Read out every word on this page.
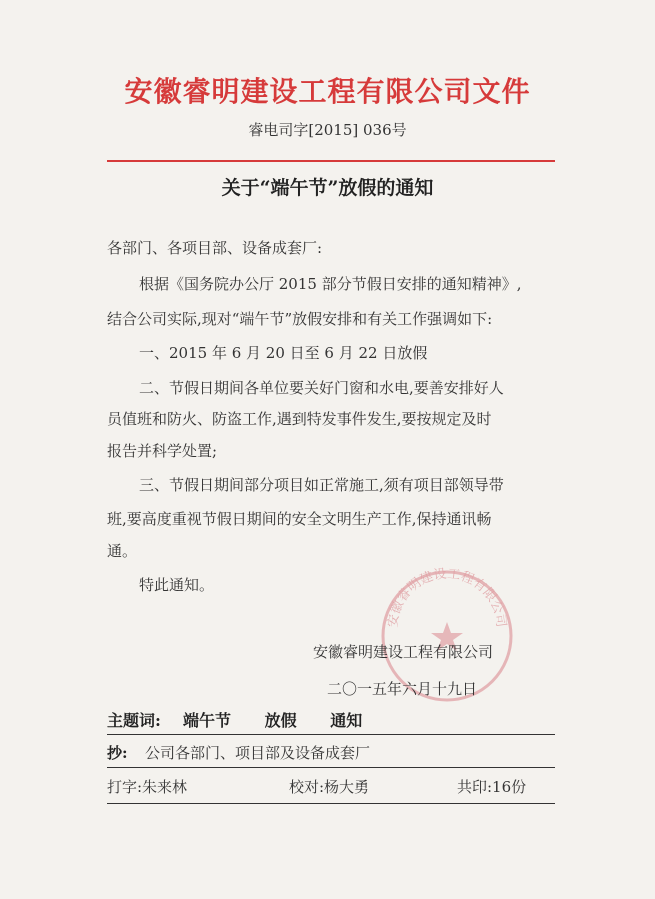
安徽睿明建设工程有限公司文件
睿电司字[2015] 036号
关于“端午节”放假的通知
各部门、各项目部、设备成套厂:
根据《国务院办公厅 2015 部分节假日安排的通知精神》,
结合公司实际,现对“端午节”放假安排和有关工作强调如下:
一、2015 年 6 月 20 日至 6 月 22 日放假
二、节假日期间各单位要关好门窗和水电,要善安排好人
员值班和防火、防盗工作,遇到特发事件发生,要按规定及时
报告并科学处置;
三、节假日期间部分项目如正常施工,须有项目部领导带
班,要高度重视节假日期间的安全文明生产工作,保持通讯畅
通。
特此通知。
安徽睿明建设工程有限公司
安徽睿明建设工程有限公司
二〇一五年六月十九日
主题词: 端午节 放假 通知
抄: 公司各部门、项目部及设备成套厂
打字:朱来林	校对:杨大勇	共印:16份
